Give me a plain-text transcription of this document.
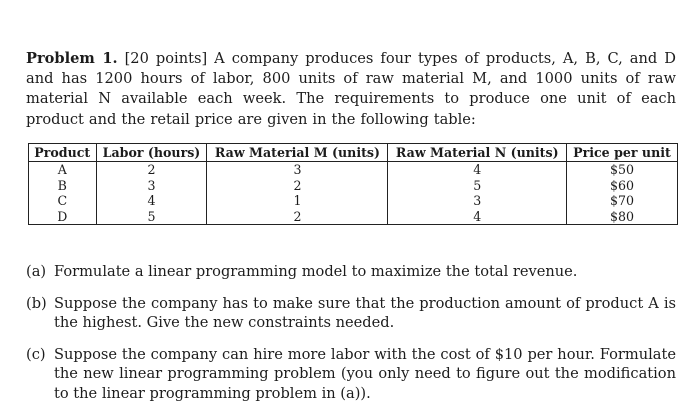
Problem 1. [20 points] A company produces four types of products, A, B, C, and D and has 1200 hours of labor, 800 units of raw material M, and 1000 units of raw material N available each week. The requirements to produce one unit of each product and the retail price are given in the following table:

Product	Labor (hours)	Raw Material M (units)	Raw Material N (units)	Price per unit
A	2	3	4	$50
B	3	2	5	$60
C	4	1	3	$70
D	5	2	4	$80
(a) Formulate a linear programming model to maximize the total revenue.
(b) Suppose the company has to make sure that the production amount of product A is the highest. Give the new constraints needed.
(c) Suppose the company can hire more labor with the cost of $10 per hour. Formulate the new linear programming problem (you only need to figure out the modification to the linear programming problem in (a)).
